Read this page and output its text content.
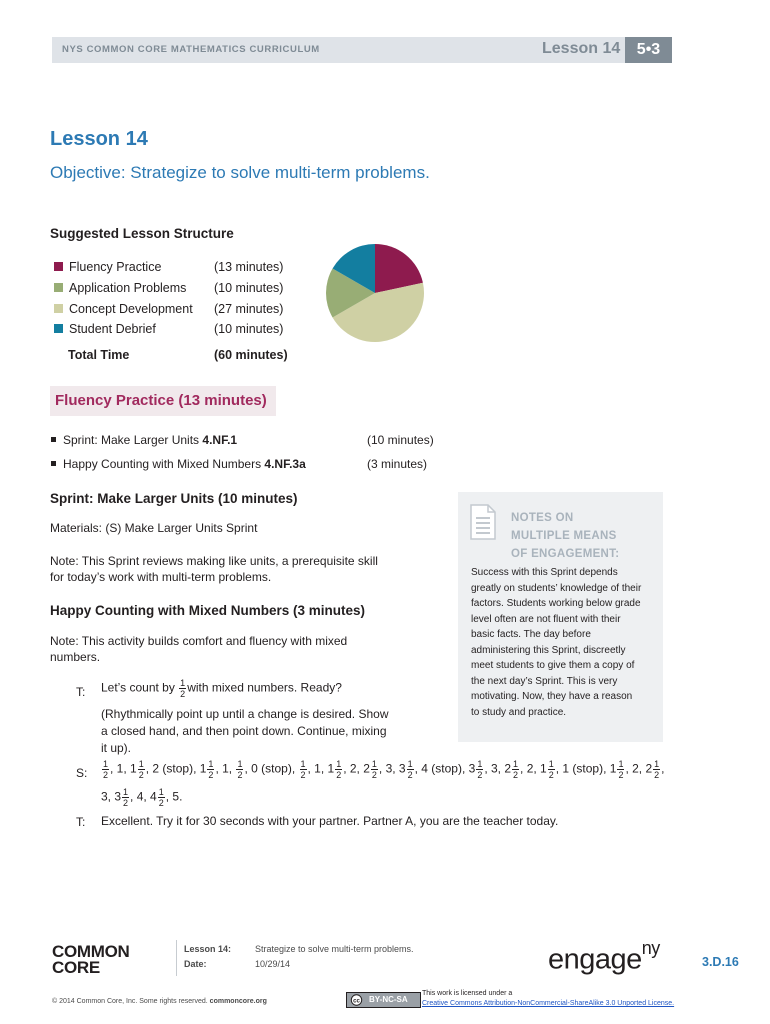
NYS COMMON CORE MATHEMATICS CURRICULUM	Lesson 14	5•3
Lesson 14
Objective: Strategize to solve multi-term problems.
Suggested Lesson Structure
Fluency Practice	(13 minutes)
Application Problems (10 minutes)
Concept Development (27 minutes)
Student Debrief	(10 minutes)
Total Time	(60 minutes)
Fluency Practice (13 minutes)
Sprint: Make Larger Units 4.NF.1	(10 minutes)
Happy Counting with Mixed Numbers 4.NF.3a	(3 minutes)
Sprint: Make Larger Units (10 minutes)
Materials: (S) Make Larger Units Sprint
Note: This Sprint reviews making like units, a prerequisite skill
for today’s work with multi-term problems.
Happy Counting with Mixed Numbers (3 minutes)
Note: This activity builds comfort and fluency with mixed
numbers.
NOTES ON
MULTIPLE MEANS
OF ENGAGEMENT:
Success with this Sprint depends
greatly on students’ knowledge of their
factors. Students working below grade
level often are not fluent with their
basic facts. The day before
administering this Sprint, discreetly
meet students to give them a copy of
the next day’s Sprint. This is very
motivating. Now, they have a reason
to study and practice.
T: Let’s count by $\frac{1}{2}$ with mixed numbers. Ready?
(Rhythmically point up until a change is desired. Show
a closed hand, and then point down. Continue, mixing
it up).
S: $\frac{1}{2}$ , 1, $1 \frac{1}{2}$ , 2 (stop), $1 \frac{1}{2}$ , 1, $\frac{1}{2}$ , 0 (stop), $\frac{1}{2}$ , 1, $1 \frac{1}{2}$ , 2, $2 \frac{1}{2}$ , 3, $3 \frac{1}{2}$ , 4 (stop), $3 \frac{1}{2}$ , 3, $2 \frac{1}{2}$ , 2, $1 \frac{1}{2}$ , 1 (stop), $1 \frac{1}{2}$ , 2, $2 \frac{1}{2}$ ,
3, $3 \frac{1}{2}$ , 4, $4 \frac{1}{2}$ , 5.
T: Excellent. Try it for 30 seconds with your partner. Partner A, you are the teacher today.
COMMON
CORE
Lesson 14:
Date:
Strategize to solve multi-term problems.
10/29/14	engage$^{ny}$
3.D.16
© 2014 Common Core, Inc. Some rights reserved. commoncore.org	cc BY-NC-SA
This work is licensed under a
Creative Commons Attribution-NonCommercial-ShareAlike 3.0 Unported License.
